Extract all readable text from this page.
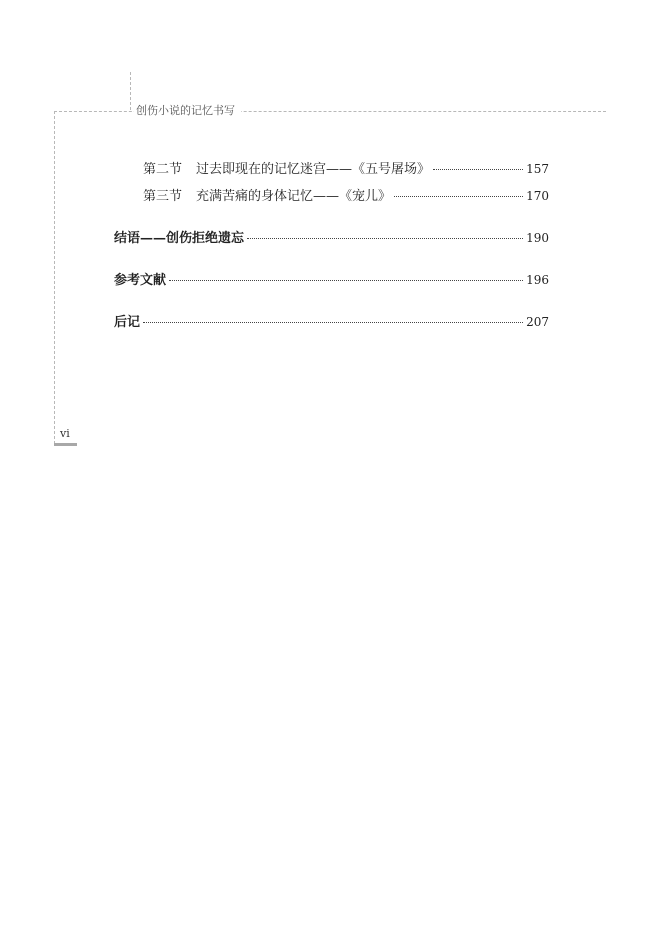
创伤小说的记忆书写
第二节 过去即现在的记忆迷宫——《五号屠场》	157
第三节 充满苦痛的身体记忆——《宠儿》	170
结语——创伤拒绝遗忘	190
参考文献	196
后记	207
vi
